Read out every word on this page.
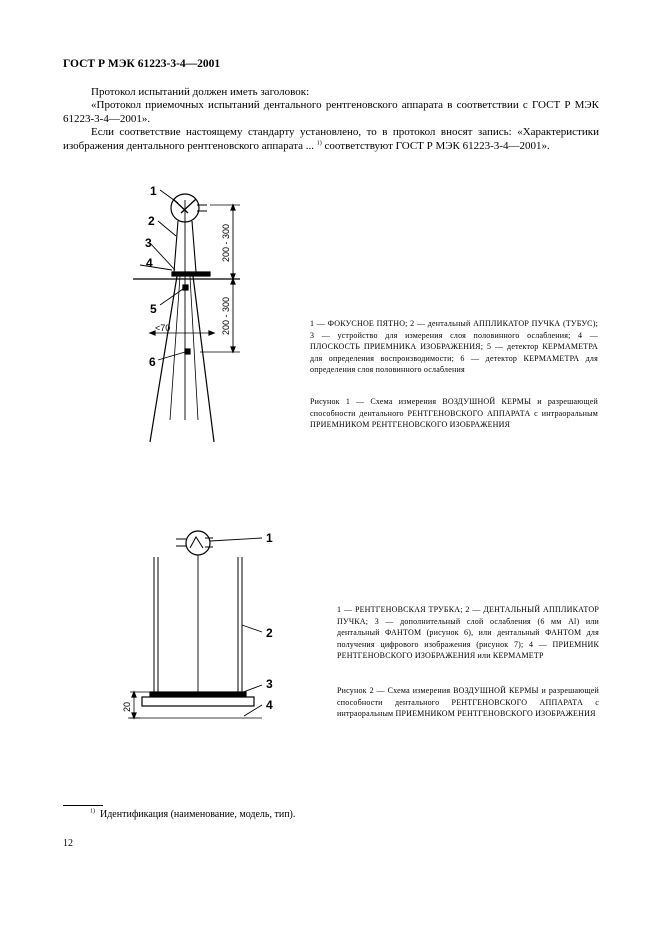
ГОСТ Р МЭК 61223-3-4—2001
Протокол испытаний должен иметь заголовок:
«Протокол приемочных испытаний дентального рентгеновского аппарата в соответствии с ГОСТ Р МЭК 61223-3-4—2001».
Если соответствие настоящему стандарту установлено, то в протокол вносят запись: «Характеристики изображения дентального рентгеновского аппарата ... $^{1)}$ соответствуют ГОСТ Р МЭК 61223-3-4—2001».
1
2
3
4
5
6
<70
200 - 300
200 - 300	1 — ФОКУСНОЕ ПЯТНО; 2 — дентальный АППЛИКАТОР ПУЧКА (ТУБУС); 3 — устройство для измерения слоя половинного ослабления; 4 — ПЛОСКОСТЬ ПРИЕМНИКА ИЗОБРАЖЕНИЯ; 5 — детектор КЕРМАМЕТРА для определения воспроизводимости; 6 — детектор КЕРМАМЕТРА для определения слоя половинного ослабления
Рисунок 1 — Схема измерения ВОЗДУШНОЙ КЕРМЫ и разрешающей способности дентального РЕНТГЕНОВСКОГО АППАРАТА с интраоральным ПРИЕМНИКОМ РЕНТГЕНОВСКОГО ИЗОБРАЖЕНИЯ
1
2
3
4
20
1 — РЕНТГЕНОВСКАЯ ТРУБКА; 2 — ДЕНТАЛЬНЫЙ АППЛИКАТОР ПУЧКА; 3 — дополнительный слой ослабления (6 мм Al) или дентальный ФАНТОМ (рисунок 6), или дентальный ФАНТОМ для получения цифрового изображения (рисунок 7); 4 — ПРИЕМНИК РЕНТГЕНОВСКОГО ИЗОБРАЖЕНИЯ или КЕРМАМЕТР
Рисунок 2 — Схема измерения ВОЗДУШНОЙ КЕРМЫ и разрешающей способности дентального РЕНТГЕНОВСКОГО АППАРАТА с интраоральным ПРИЕМНИКОМ РЕНТГЕНОВСКОГО ИЗОБРАЖЕНИЯ
$^{1)}$ Идентификация (наименование, модель, тип).
12
